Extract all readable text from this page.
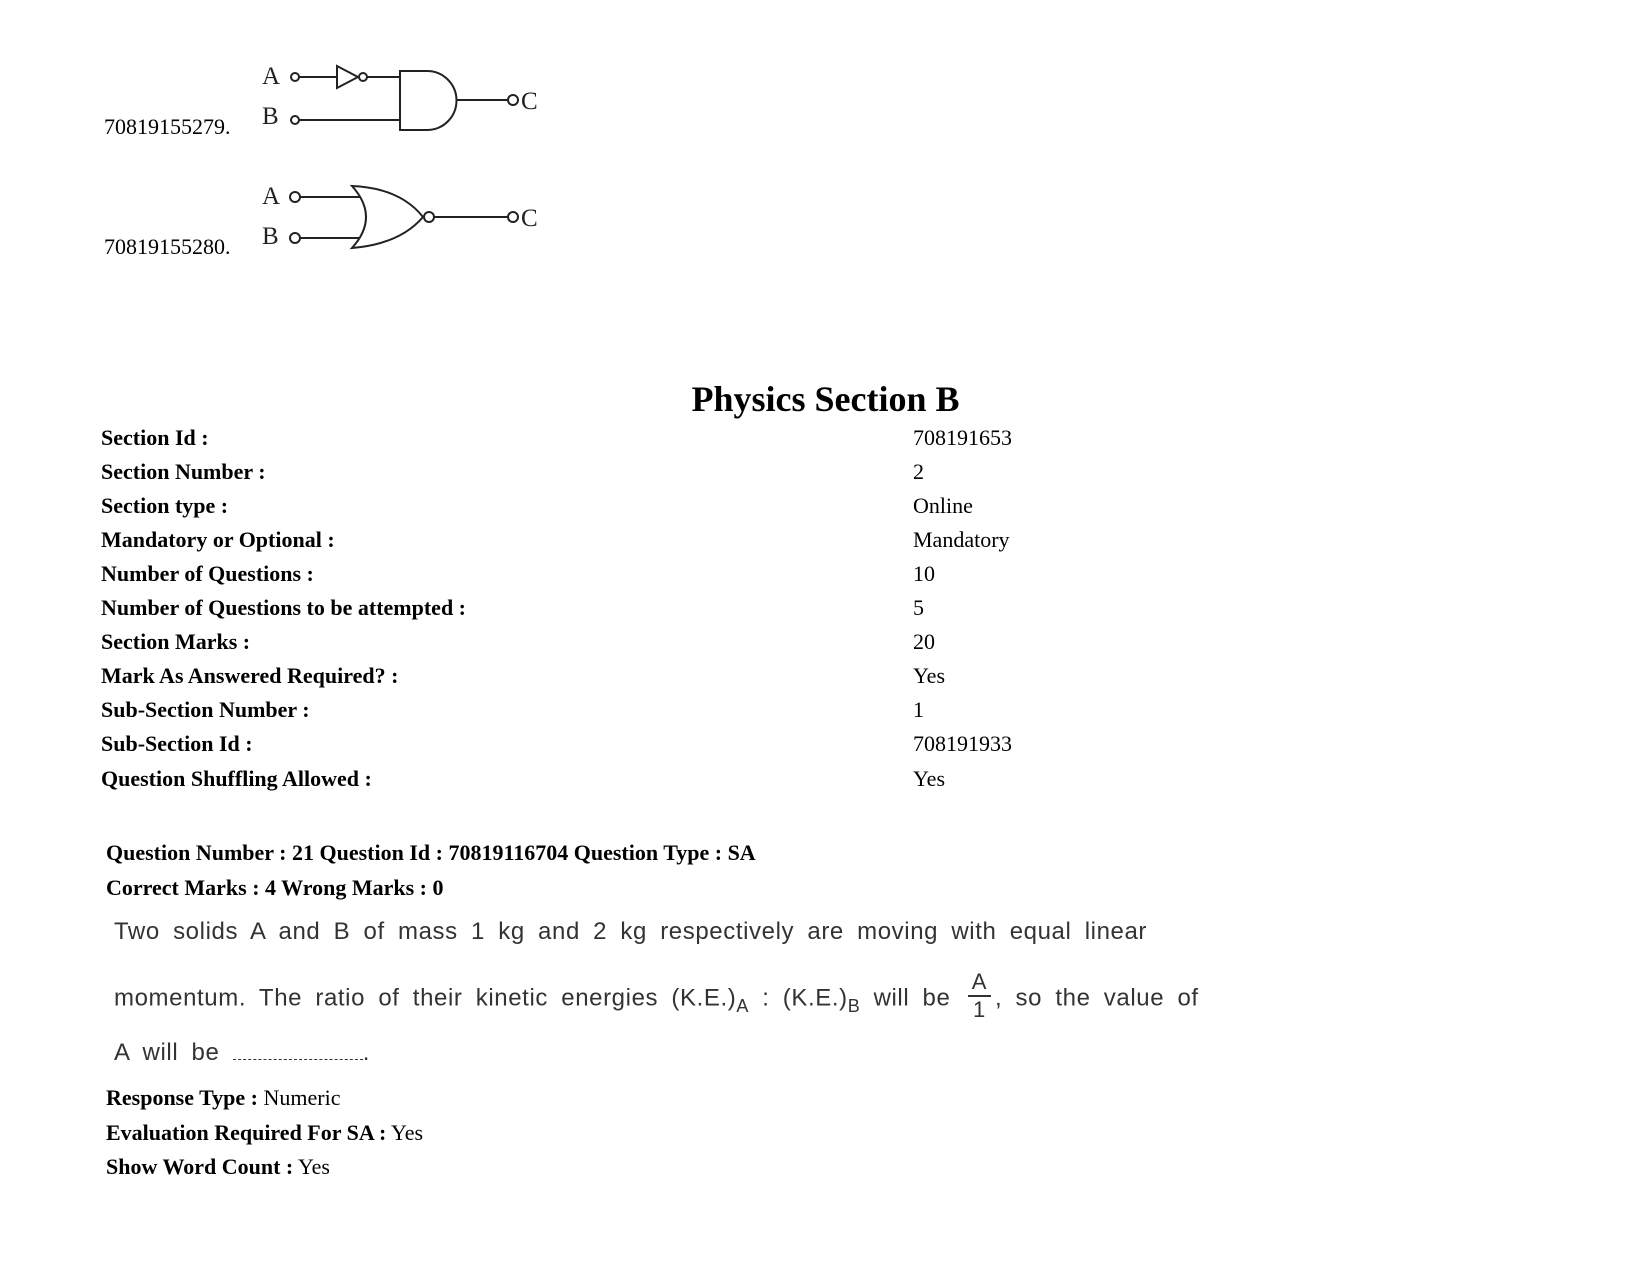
70819155279.
A
B
C
70819155280.
A
B
C
Physics Section B
Section Id :	708191653
Section Number :	2
Section type :	Online
Mandatory or Optional :	Mandatory
Number of Questions :	10
Number of Questions to be attempted :	5
Section Marks :	20
Mark As Answered Required? :	Yes
Sub-Section Number :	1
Sub-Section Id :	708191933
Question Shuffling Allowed :	Yes
Question Number : 21 Question Id : 70819116704 Question Type : SA
Correct Marks : 4 Wrong Marks : 0
Two solids A and B of mass 1 kg and 2 kg respectively are moving with equal linear
momentum. The ratio of their kinetic energies $(K.E.)_A$ : $(K.E.)_B$ will be $\frac{A}{1}$ , so the value of
A will be	.
Response Type : Numeric
Evaluation Required For SA : Yes
Show Word Count : Yes
